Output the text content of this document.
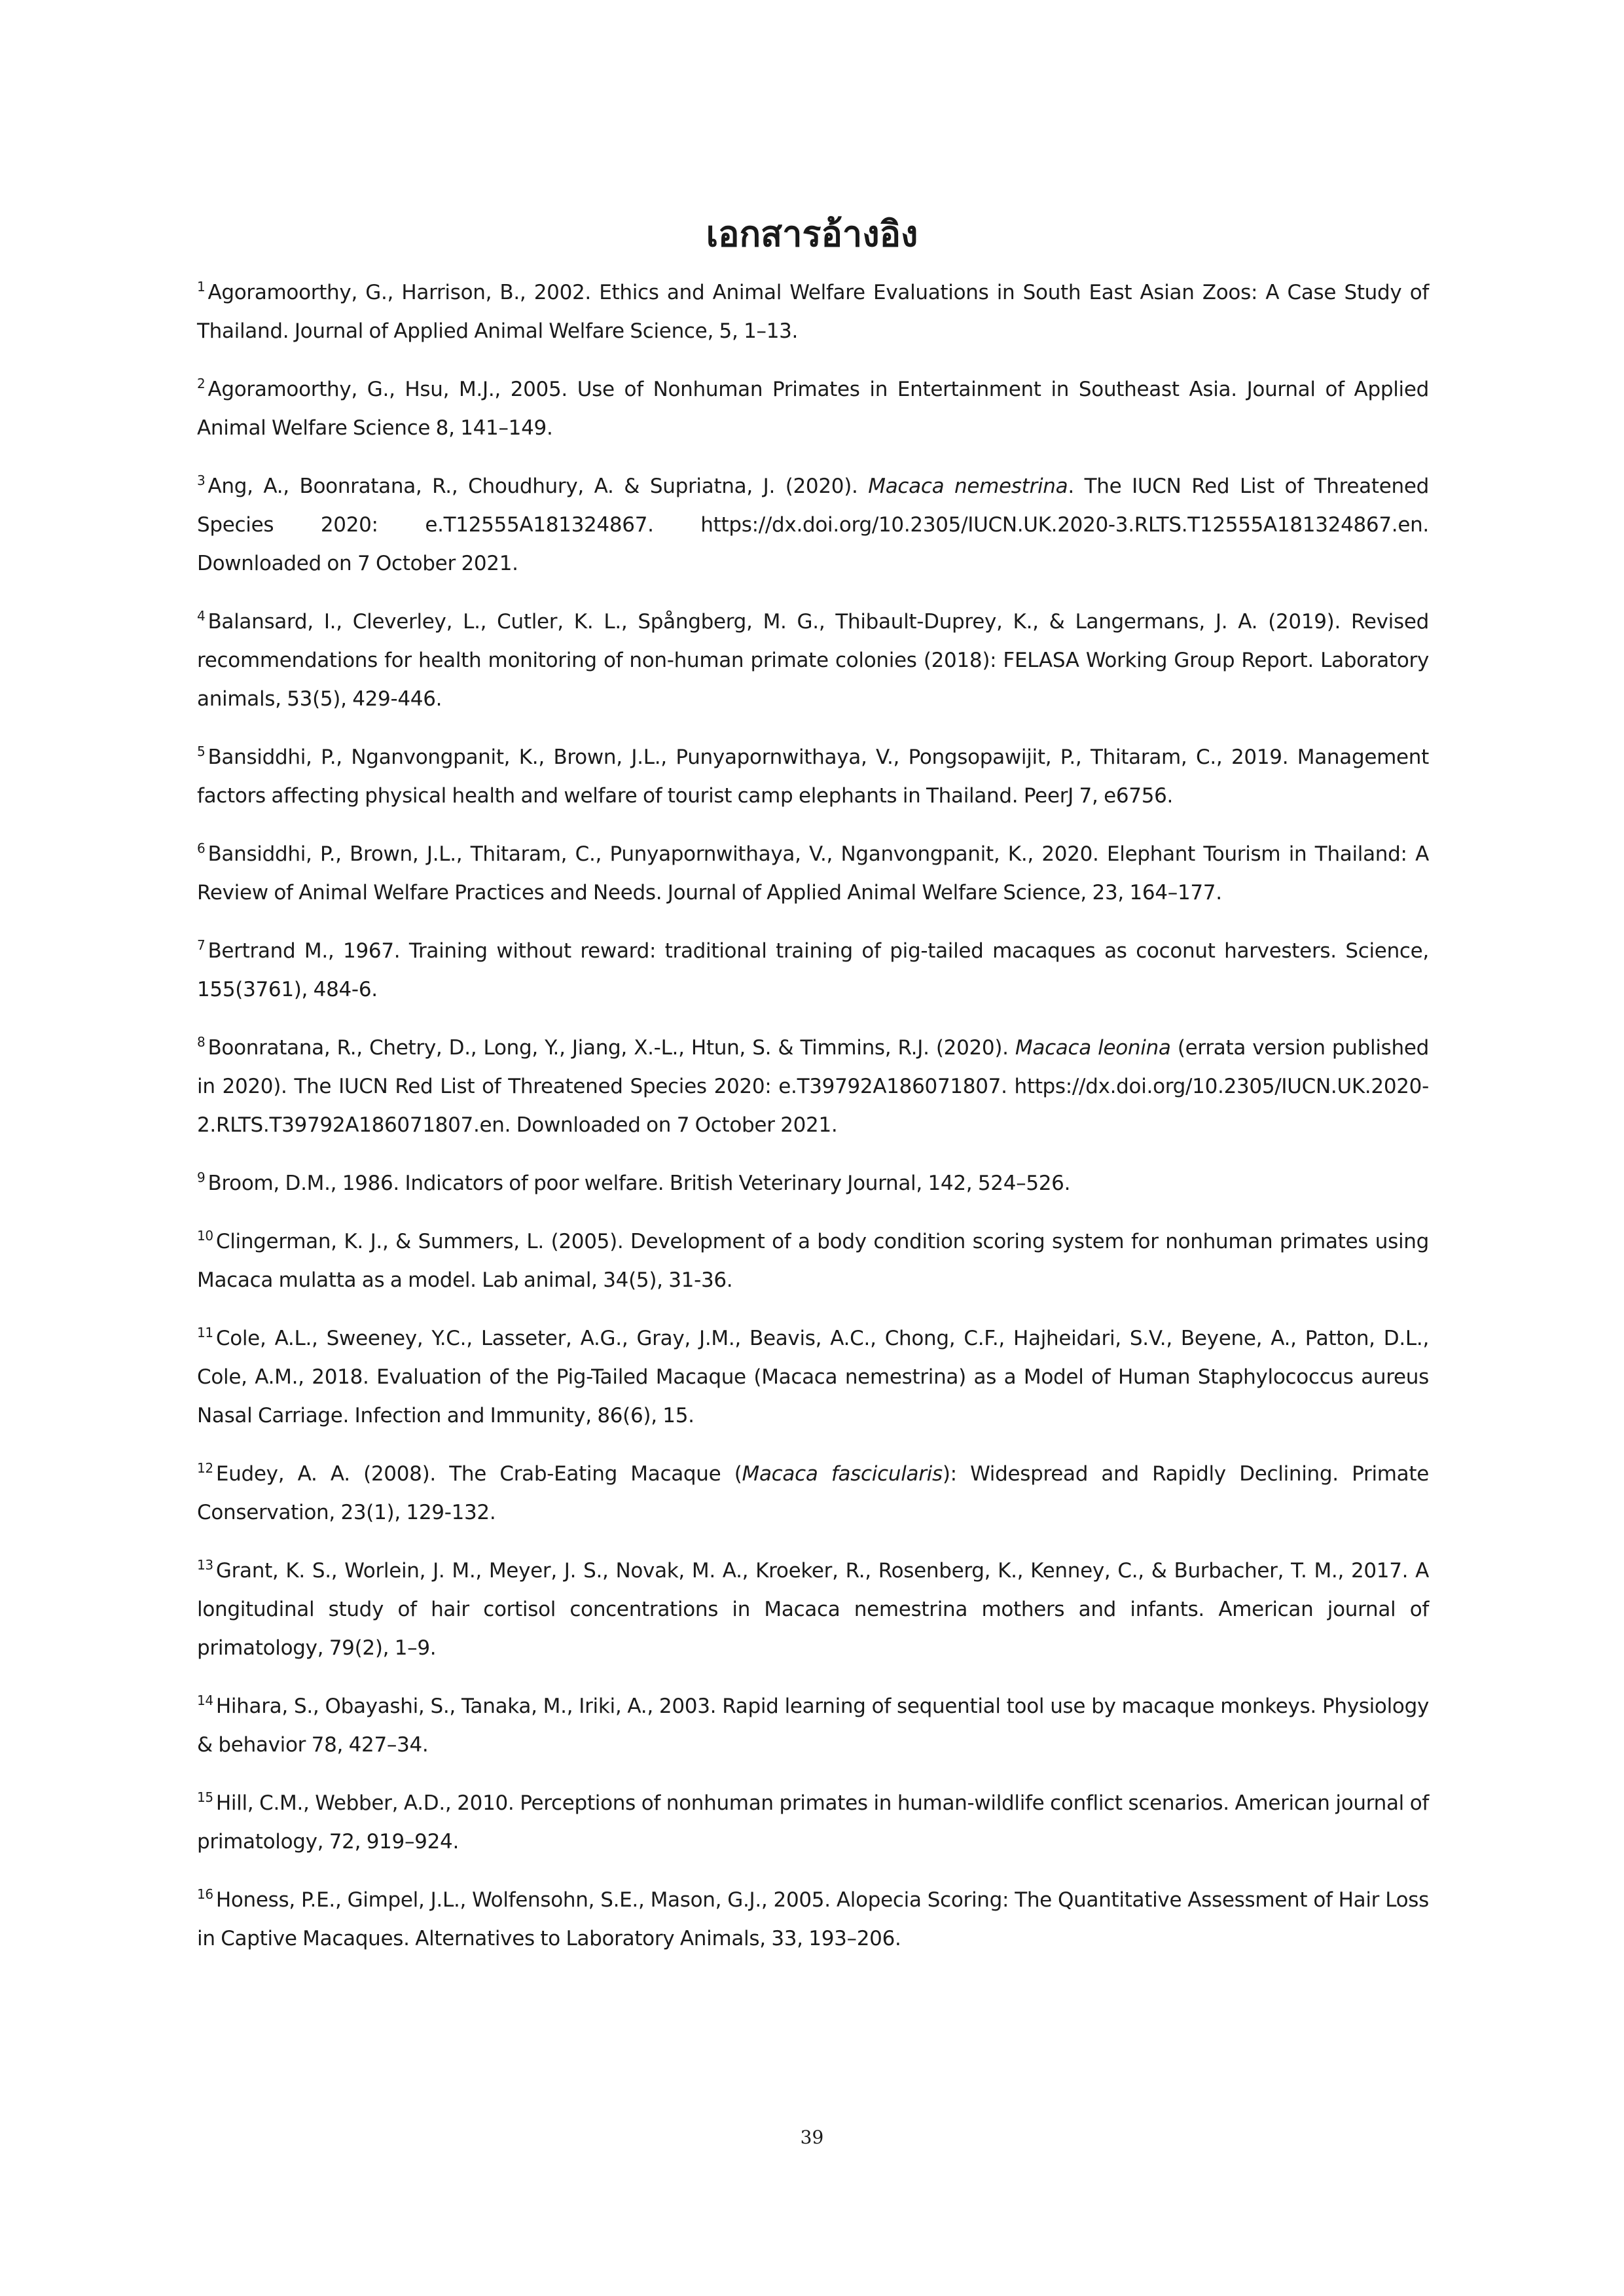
เอกสารอ้างอิง

$^1$ Agoramoorthy, G., Harrison, B., 2002. Ethics and Animal Welfare Evaluations in South East Asian Zoos: A Case Study of Thailand. Journal of Applied Animal Welfare Science, 5, 1–13.

$^2$ Agoramoorthy, G., Hsu, M.J., 2005. Use of Nonhuman Primates in Entertainment in Southeast Asia. Journal of Applied Animal Welfare Science 8, 141–149.

$^3$ Ang, A., Boonratana, R., Choudhury, A. & Supriatna, J. (2020). Macaca nemestrina. The IUCN Red List of Threatened Species 2020: e.T12555A181324867. https://dx.doi.org/10.2305/IUCN.UK.2020-3.RLTS.T12555A181324867.en. Downloaded on 7 October 2021.

$^4$ Balansard, I., Cleverley, L., Cutler, K. L., Spångberg, M. G., Thibault-Duprey, K., & Langermans, J. A. (2019). Revised recommendations for health monitoring of non-human primate colonies (2018): FELASA Working Group Report. Laboratory animals, 53(5), 429-446.

$^5$ Bansiddhi, P., Nganvongpanit, K., Brown, J.L., Punyapornwithaya, V., Pongsopawijit, P., Thitaram, C., 2019. Management factors affecting physical health and welfare of tourist camp elephants in Thailand. PeerJ 7, e6756.

$^6$ Bansiddhi, P., Brown, J.L., Thitaram, C., Punyapornwithaya, V., Nganvongpanit, K., 2020. Elephant Tourism in Thailand: A Review of Animal Welfare Practices and Needs. Journal of Applied Animal Welfare Science, 23, 164–177.

$^7$ Bertrand M., 1967. Training without reward: traditional training of pig-tailed macaques as coconut harvesters. Science, 155(3761), 484-6.

$^8$ Boonratana, R., Chetry, D., Long, Y., Jiang, X.-L., Htun, S. & Timmins, R.J. (2020). Macaca leonina (errata version published in 2020). The IUCN Red List of Threatened Species 2020: e.T39792A186071807. https://dx.doi.org/10.2305/IUCN.UK.2020-2.RLTS.T39792A186071807.en. Downloaded on 7 October 2021.

$^9$ Broom, D.M., 1986. Indicators of poor welfare. British Veterinary Journal, 142, 524–526.

$^{10}$ Clingerman, K. J., & Summers, L. (2005). Development of a body condition scoring system for nonhuman primates using Macaca mulatta as a model. Lab animal, 34(5), 31-36.

$^{11}$ Cole, A.L., Sweeney, Y.C., Lasseter, A.G., Gray, J.M., Beavis, A.C., Chong, C.F., Hajheidari, S.V., Beyene, A., Patton, D.L., Cole, A.M., 2018. Evaluation of the Pig-Tailed Macaque (Macaca nemestrina) as a Model of Human Staphylococcus aureus Nasal Carriage. Infection and Immunity, 86(6), 15.

$^{12}$ Eudey, A. A. (2008). The Crab-Eating Macaque (Macaca fascicularis): Widespread and Rapidly Declining. Primate Conservation, 23(1), 129-132.

$^{13}$ Grant, K. S., Worlein, J. M., Meyer, J. S., Novak, M. A., Kroeker, R., Rosenberg, K., Kenney, C., & Burbacher, T. M., 2017. A longitudinal study of hair cortisol concentrations in Macaca nemestrina mothers and infants. American journal of primatology, 79(2), 1–9.

$^{14}$ Hihara, S., Obayashi, S., Tanaka, M., Iriki, A., 2003. Rapid learning of sequential tool use by macaque monkeys. Physiology & behavior 78, 427–34.

$^{15}$ Hill, C.M., Webber, A.D., 2010. Perceptions of nonhuman primates in human-wildlife conflict scenarios. American journal of primatology, 72, 919–924.

$^{16}$ Honess, P.E., Gimpel, J.L., Wolfensohn, S.E., Mason, G.J., 2005. Alopecia Scoring: The Quantitative Assessment of Hair Loss in Captive Macaques. Alternatives to Laboratory Animals, 33, 193–206.

39
